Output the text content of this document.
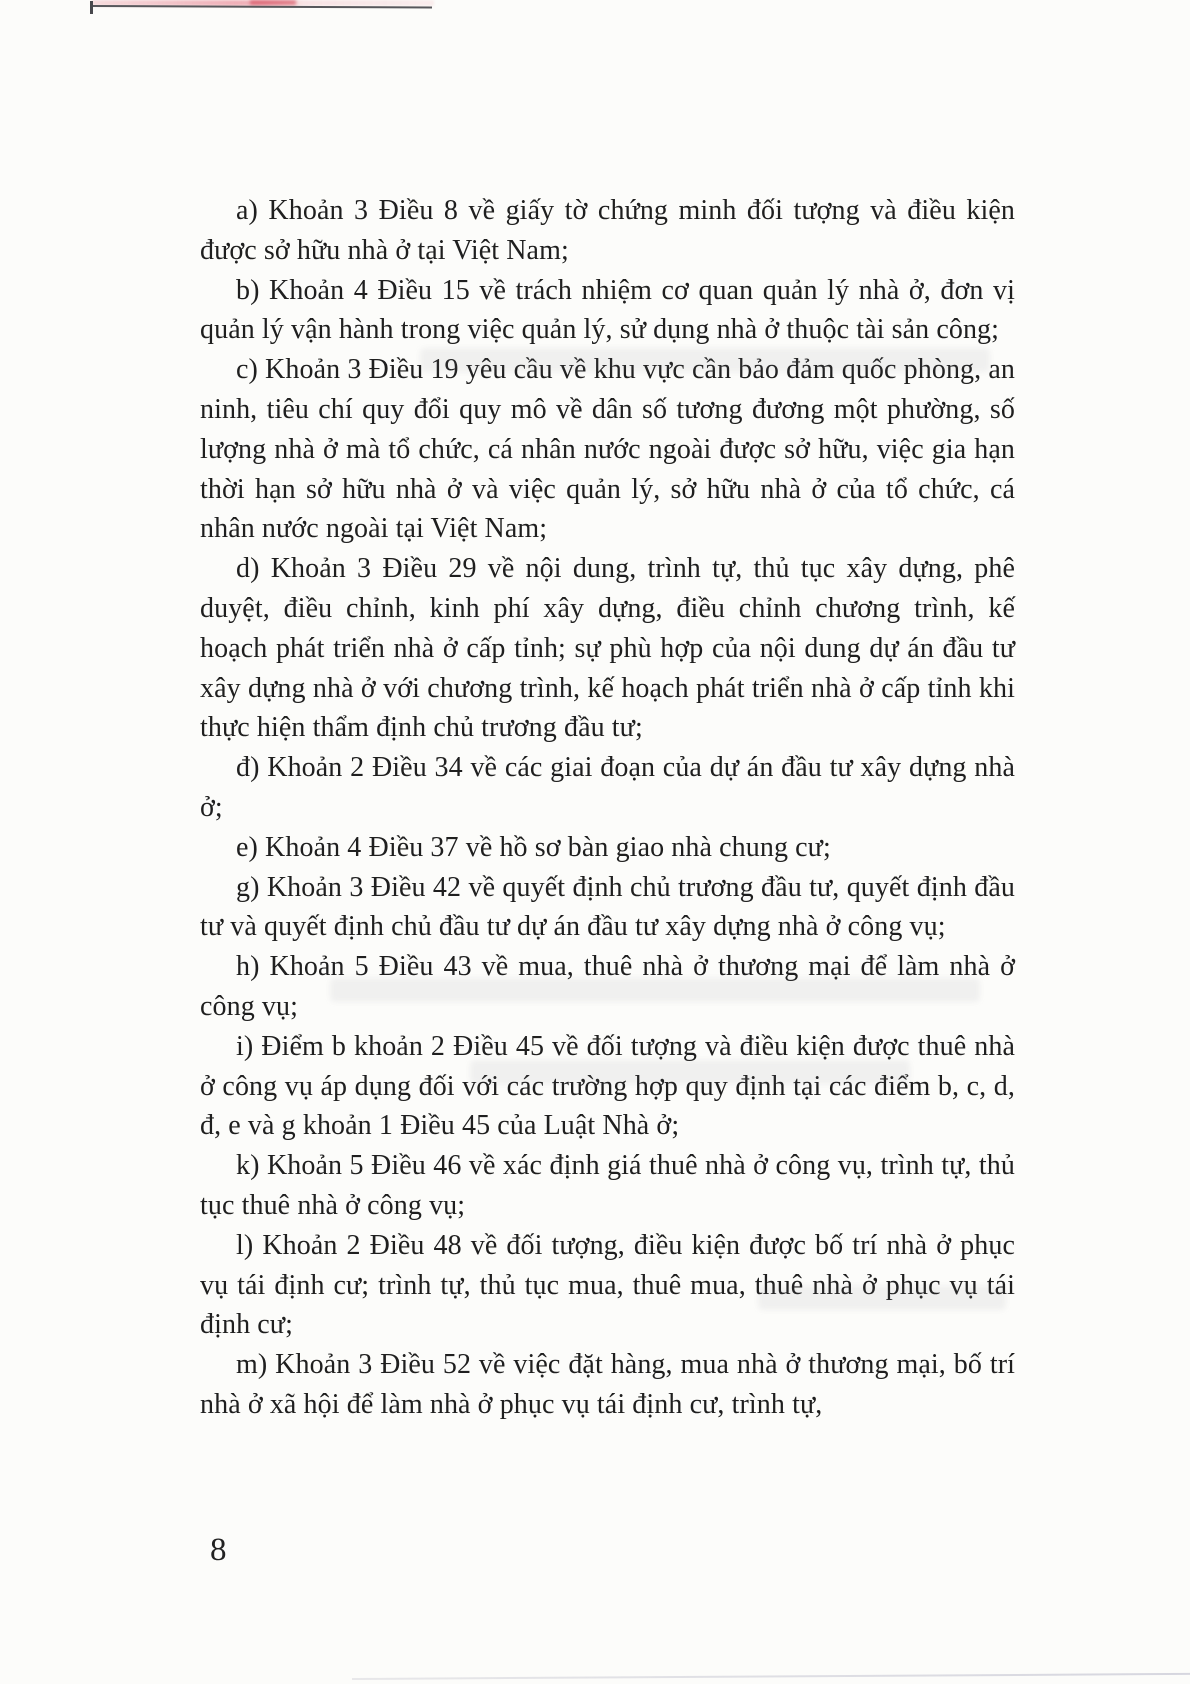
a) Khoản 3 Điều 8 về giấy tờ chứng minh đối tượng và điều kiện được sở hữu nhà ở tại Việt Nam;

b) Khoản 4 Điều 15 về trách nhiệm cơ quan quản lý nhà ở, đơn vị quản lý vận hành trong việc quản lý, sử dụng nhà ở thuộc tài sản công;

c) Khoản 3 Điều 19 yêu cầu về khu vực cần bảo đảm quốc phòng, an ninh, tiêu chí quy đổi quy mô về dân số tương đương một phường, số lượng nhà ở mà tổ chức, cá nhân nước ngoài được sở hữu, việc gia hạn thời hạn sở hữu nhà ở và việc quản lý, sở hữu nhà ở của tổ chức, cá nhân nước ngoài tại Việt Nam;

d) Khoản 3 Điều 29 về nội dung, trình tự, thủ tục xây dựng, phê duyệt, điều chỉnh, kinh phí xây dựng, điều chỉnh chương trình, kế hoạch phát triển nhà ở cấp tỉnh; sự phù hợp của nội dung dự án đầu tư xây dựng nhà ở với chương trình, kế hoạch phát triển nhà ở cấp tỉnh khi thực hiện thẩm định chủ trương đầu tư;

đ) Khoản 2 Điều 34 về các giai đoạn của dự án đầu tư xây dựng nhà ở;

e) Khoản 4 Điều 37 về hồ sơ bàn giao nhà chung cư;

g) Khoản 3 Điều 42 về quyết định chủ trương đầu tư, quyết định đầu tư và quyết định chủ đầu tư dự án đầu tư xây dựng nhà ở công vụ;

h) Khoản 5 Điều 43 về mua, thuê nhà ở thương mại để làm nhà ở công vụ;

i) Điểm b khoản 2 Điều 45 về đối tượng và điều kiện được thuê nhà ở công vụ áp dụng đối với các trường hợp quy định tại các điểm b, c, d, đ, e và g khoản 1 Điều 45 của Luật Nhà ở;

k) Khoản 5 Điều 46 về xác định giá thuê nhà ở công vụ, trình tự, thủ tục thuê nhà ở công vụ;

l) Khoản 2 Điều 48 về đối tượng, điều kiện được bố trí nhà ở phục vụ tái định cư; trình tự, thủ tục mua, thuê mua, thuê nhà ở phục vụ tái định cư;

m) Khoản 3 Điều 52 về việc đặt hàng, mua nhà ở thương mại, bố trí nhà ở xã hội để làm nhà ở phục vụ tái định cư, trình tự,

8
